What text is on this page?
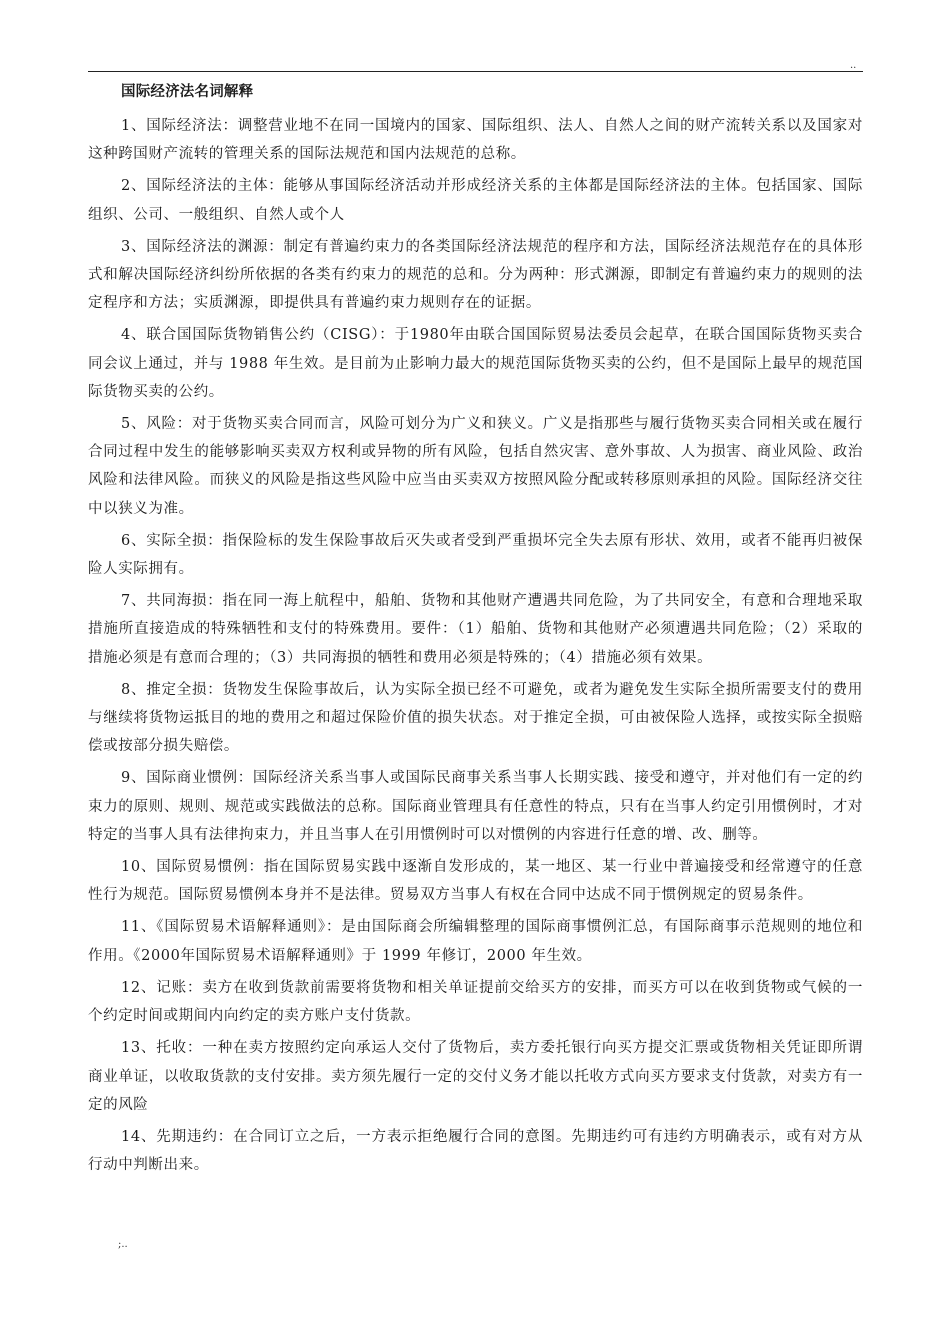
..

国际经济法名词解释

1、国际经济法：调整营业地不在同一国境内的国家、国际组织、法人、自然人之间的财产流转关系以及国家对这种跨国财产流转的管理关系的国际法规范和国内法规范的总称。

2、国际经济法的主体：能够从事国际经济活动并形成经济关系的主体都是国际经济法的主体。包括国家、国际组织、公司、一般组织、自然人或个人

3、国际经济法的渊源：制定有普遍约束力的各类国际经济法规范的程序和方法，国际经济法规范存在的具体形式和解决国际经济纠纷所依据的各类有约束力的规范的总和。分为两种：形式渊源，即制定有普遍约束力的规则的法定程序和方法；实质渊源，即提供具有普遍约束力规则存在的证据。

4、联合国国际货物销售公约（CISG）：于1980年由联合国国际贸易法委员会起草，在联合国国际货物买卖合同会议上通过，并与 1988 年生效。是目前为止影响力最大的规范国际货物买卖的公约，但不是国际上最早的规范国际货物买卖的公约。

5、风险：对于货物买卖合同而言，风险可划分为广义和狭义。广义是指那些与履行货物买卖合同相关或在履行合同过程中发生的能够影响买卖双方权利或异物的所有风险，包括自然灾害、意外事故、人为损害、商业风险、政治风险和法律风险。而狭义的风险是指这些风险中应当由买卖双方按照风险分配或转移原则承担的风险。国际经济交往中以狭义为准。

6、实际全损：指保险标的发生保险事故后灭失或者受到严重损坏完全失去原有形状、效用，或者不能再归被保险人实际拥有。

7、共同海损：指在同一海上航程中，船舶、货物和其他财产遭遇共同危险，为了共同安全，有意和合理地采取措施所直接造成的特殊牺牲和支付的特殊费用。要件：（1）船舶、货物和其他财产必须遭遇共同危险；（2）采取的措施必须是有意而合理的；（3）共同海损的牺牲和费用必须是特殊的；（4）措施必须有效果。

8、推定全损：货物发生保险事故后，认为实际全损已经不可避免，或者为避免发生实际全损所需要支付的费用与继续将货物运抵目的地的费用之和超过保险价值的损失状态。对于推定全损，可由被保险人选择，或按实际全损赔偿或按部分损失赔偿。

9、国际商业惯例：国际经济关系当事人或国际民商事关系当事人长期实践、接受和遵守，并对他们有一定的约束力的原则、规则、规范或实践做法的总称。国际商业管理具有任意性的特点，只有在当事人约定引用惯例时，才对特定的当事人具有法律拘束力，并且当事人在引用惯例时可以对惯例的内容进行任意的增、改、删等。

10、国际贸易惯例：指在国际贸易实践中逐渐自发形成的，某一地区、某一行业中普遍接受和经常遵守的任意性行为规范。国际贸易惯例本身并不是法律。贸易双方当事人有权在合同中达成不同于惯例规定的贸易条件。

11、《国际贸易术语解释通则》：是由国际商会所编辑整理的国际商事惯例汇总，有国际商事示范规则的地位和作用。《2000年国际贸易术语解释通则》于 1999 年修订，2000 年生效。

12、记账：卖方在收到货款前需要将货物和相关单证提前交给买方的安排，而买方可以在收到货物或气候的一个约定时间或期间内向约定的卖方账户支付货款。

13、托收：一种在卖方按照约定向承运人交付了货物后，卖方委托银行向买方提交汇票或货物相关凭证即所谓商业单证，以收取货款的支付安排。卖方须先履行一定的交付义务才能以托收方式向买方要求支付货款，对卖方有一定的风险

14、先期违约：在合同订立之后，一方表示拒绝履行合同的意图。先期违约可有违约方明确表示，或有对方从行动中判断出来。

;..
